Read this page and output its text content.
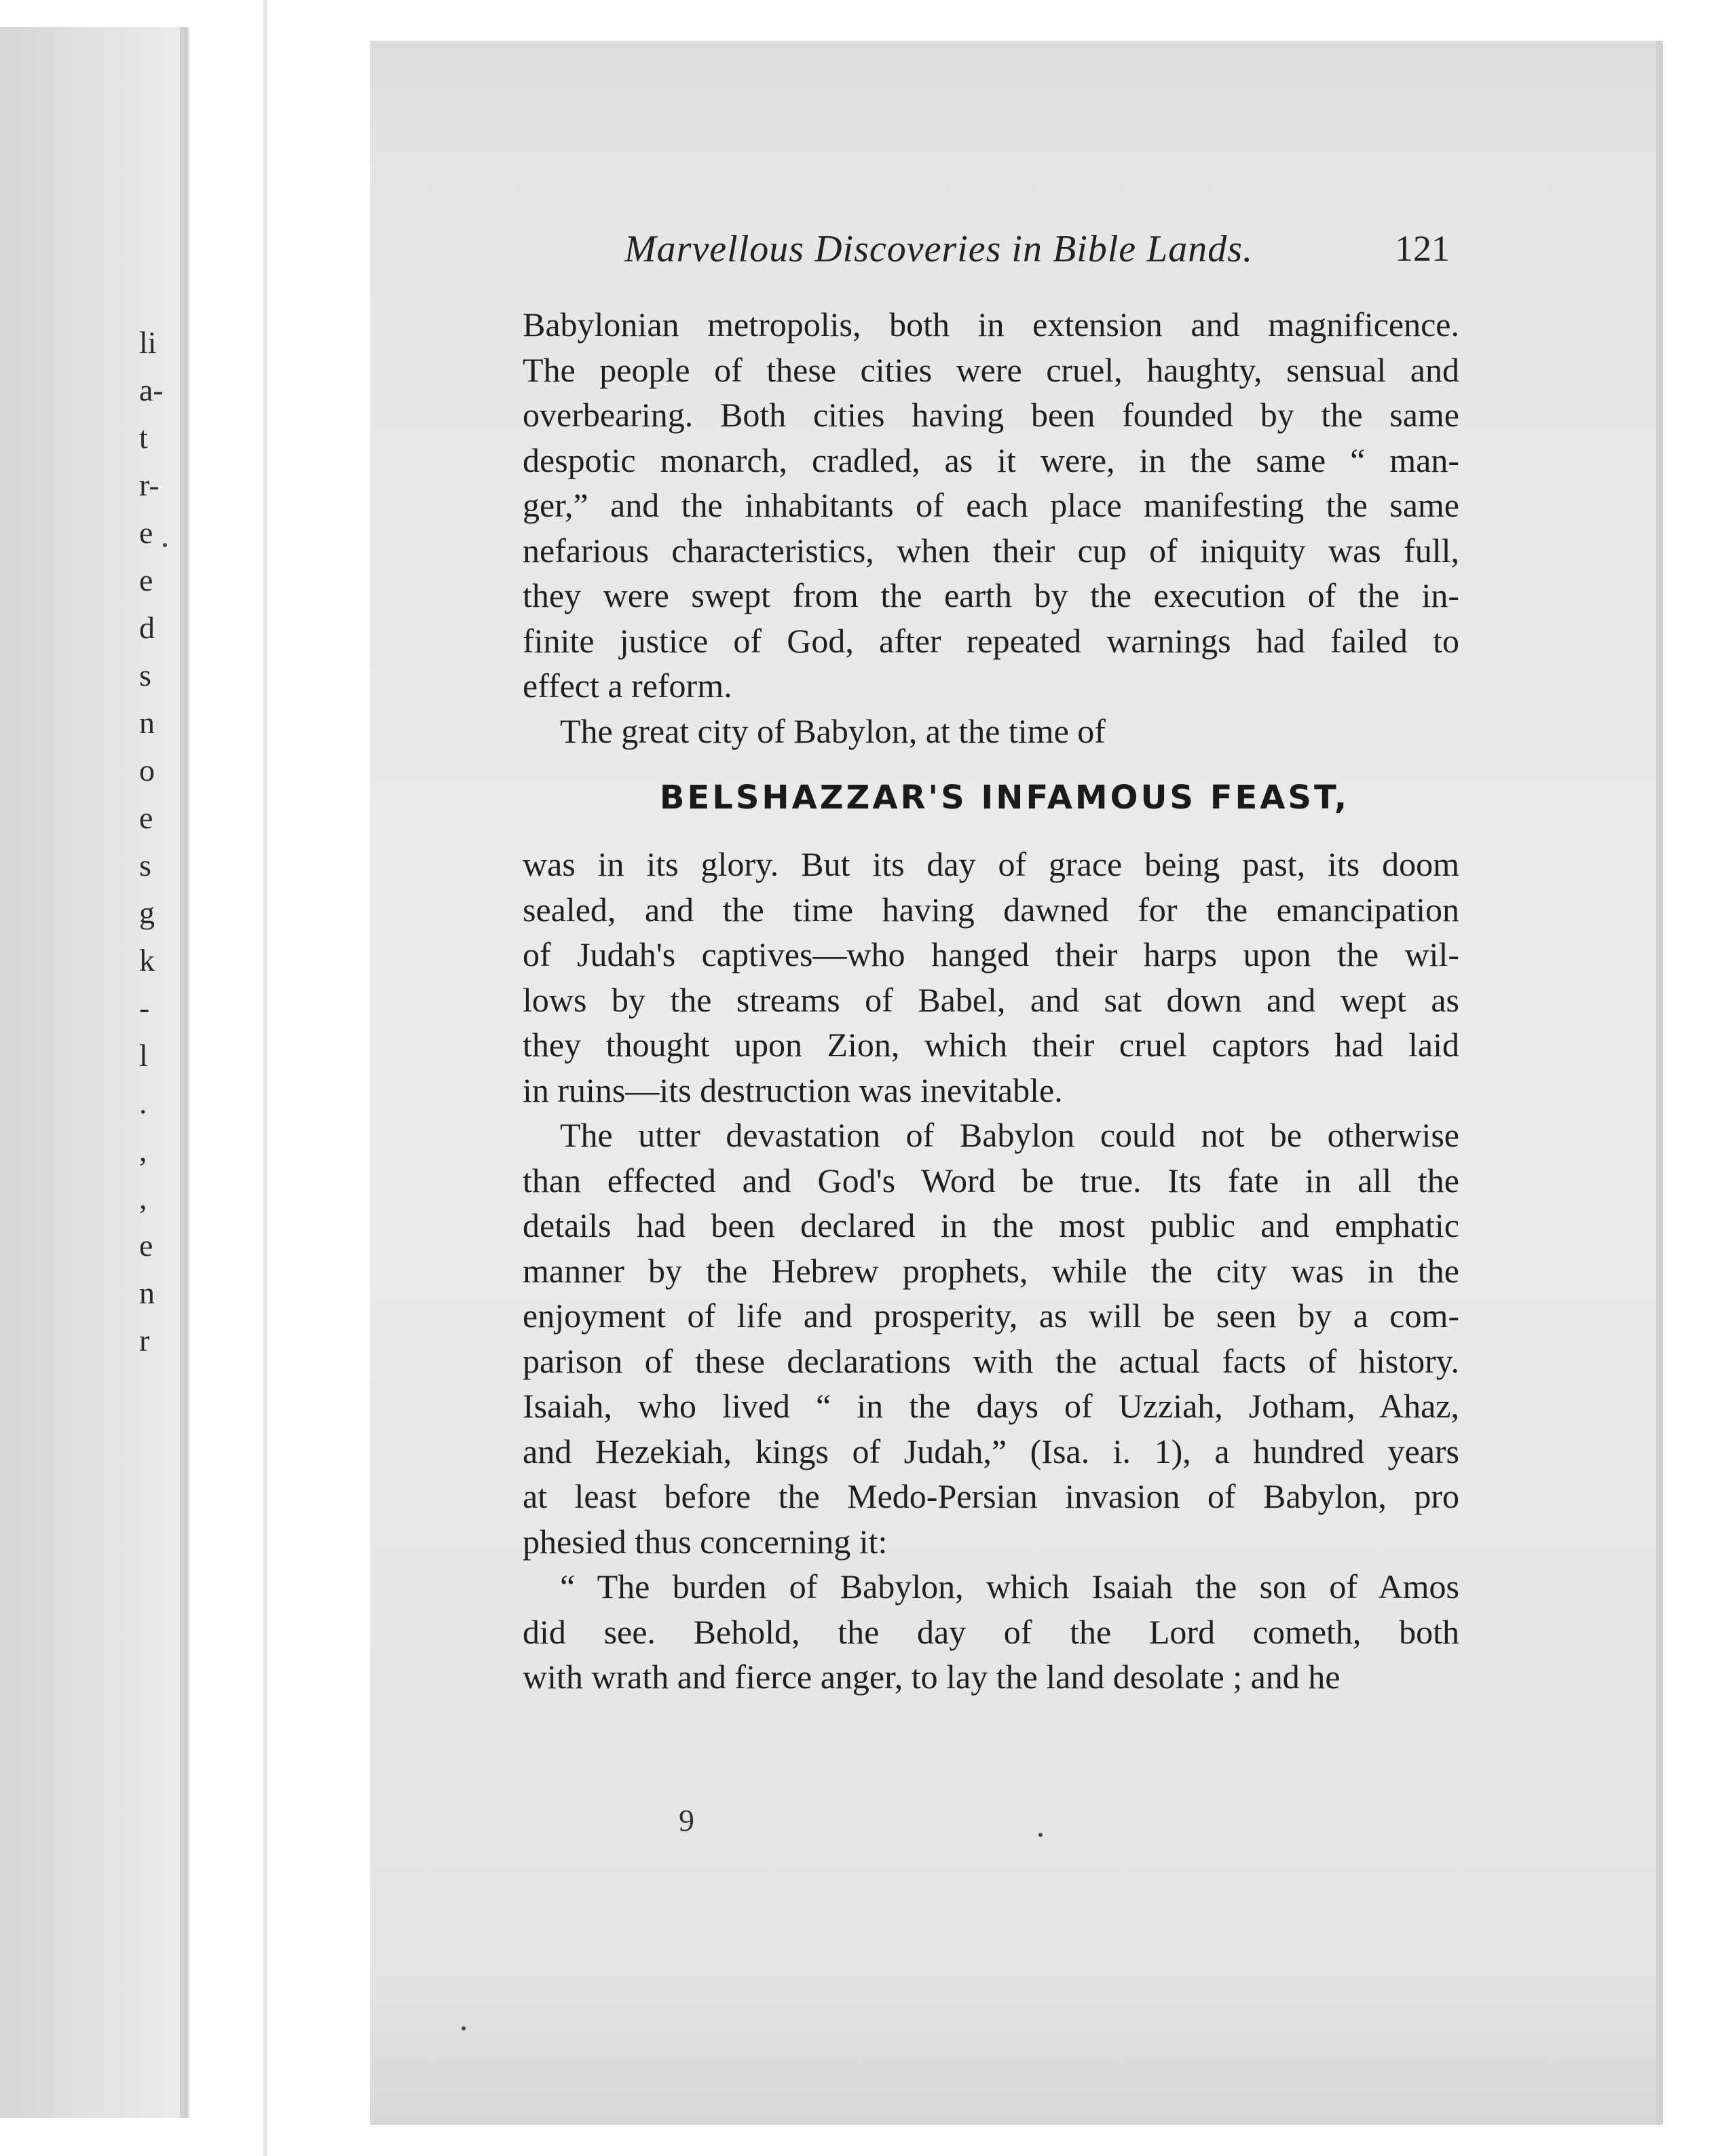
li
a-
t
r-
e
e
d
s
n
o
e
s
g
k
-
l
.
,
,
e
n
r
Marvellous Discoveries in Bible Lands.	121
Babylonian metropolis, both in extension and magnificence.
The people of these cities were cruel, haughty, sensual and
overbearing. Both cities having been founded by the same
despotic monarch, cradled, as it were, in the same “ man-
ger,” and the inhabitants of each place manifesting the same
nefarious characteristics, when their cup of iniquity was full,
they were swept from the earth by the execution of the in-
finite justice of God, after repeated warnings had failed to
effect a reform.
The great city of Babylon, at the time of
BELSHAZZAR'S INFAMOUS FEAST,
was in its glory. But its day of grace being past, its doom
sealed, and the time having dawned for the emancipation
of Judah's captives—who hanged their harps upon the wil-
lows by the streams of Babel, and sat down and wept as
they thought upon Zion, which their cruel captors had laid
in ruins—its destruction was inevitable.
The utter devastation of Babylon could not be otherwise
than effected and God's Word be true. Its fate in all the
details had been declared in the most public and emphatic
manner by the Hebrew prophets, while the city was in the
enjoyment of life and prosperity, as will be seen by a com-
parison of these declarations with the actual facts of history.
Isaiah, who lived “ in the days of Uzziah, Jotham, Ahaz,
and Hezekiah, kings of Judah,” (Isa. i. 1), a hundred years
at least before the Medo-Persian invasion of Babylon, pro
phesied thus concerning it:
“ The burden of Babylon, which Isaiah the son of Amos
did see. Behold, the day of the Lord cometh, both
with wrath and fierce anger, to lay the land desolate ; and he
9
